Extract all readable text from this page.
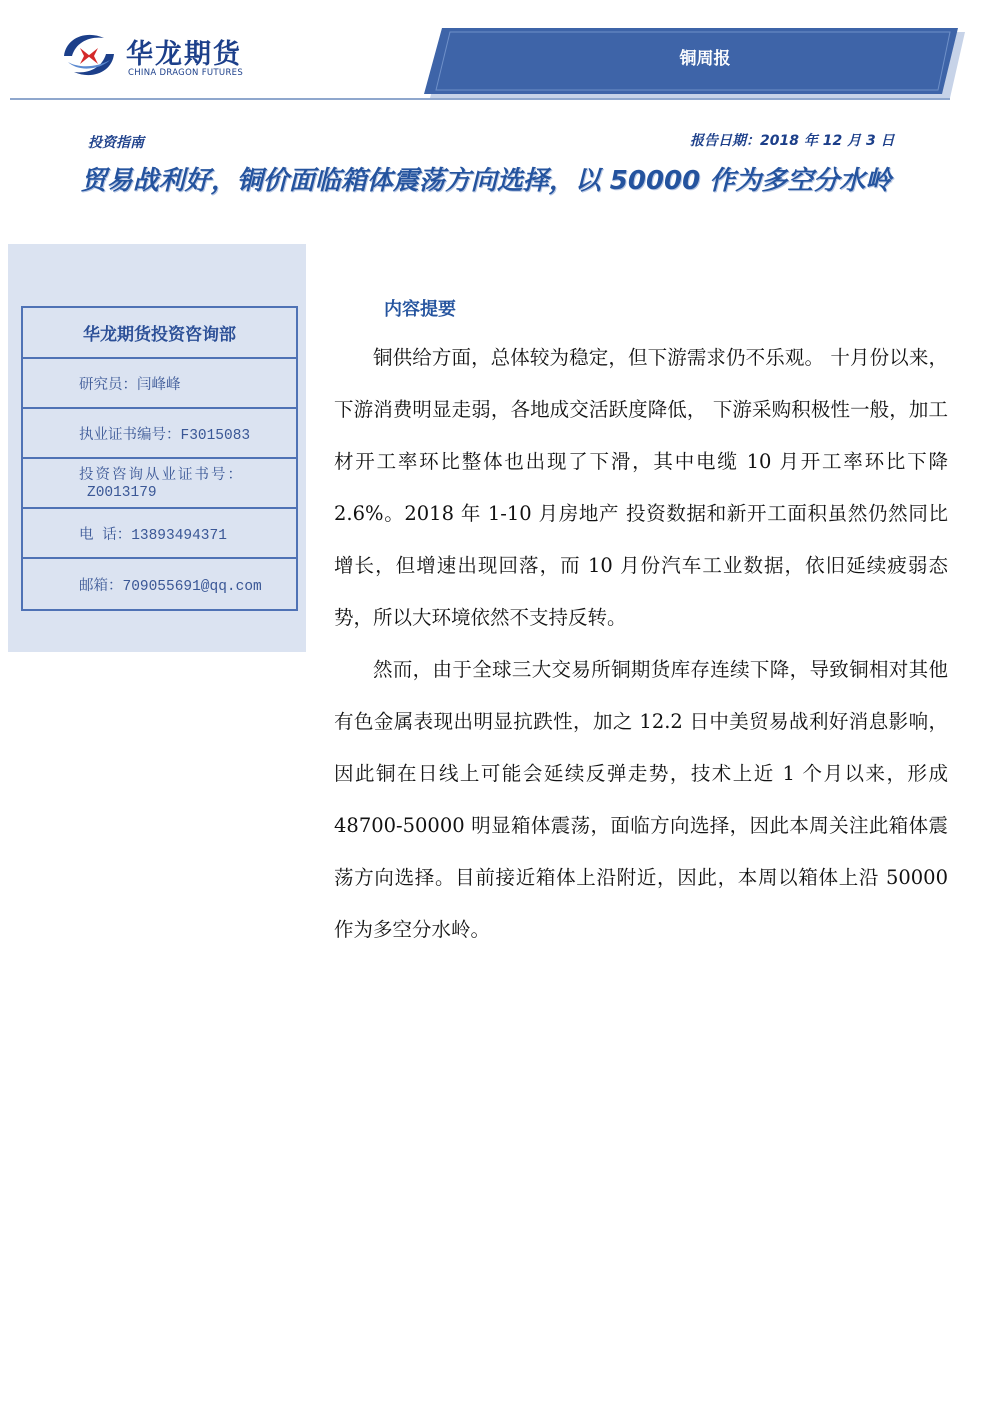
华龙期货
CHINA DRAGON FUTURES
铜周报
投资指南	报告日期：2018 年 12 月 3 日
贸易战利好，铜价面临箱体震荡方向选择，以 50000 作为多空分水岭
华龙期货投资咨询部
研究员：闫峰峰
执业证书编号：F3015083
投资咨询从业证书号：
Z0013179
电 话：13893494371
邮箱：709055691@qq.com
内容提要

铜供给方面，总体较为稳定，但下游需求仍不乐观。 十月份以来，下游消费明显走弱，各地成交活跃度降低， 下游采购积极性一般，加工材开工率环比整体也出现了下滑，其中电缆 10 月开工率环比下降 2.6%。2018 年 1-10 月房地产 投资数据和新开工面积虽然仍然同比增长，但增速出现回落，而 10 月份汽车工业数据，依旧延续疲弱态势，所以大环境依然不支持反转。

然而，由于全球三大交易所铜期货库存连续下降，导致铜相对其他有色金属表现出明显抗跌性，加之 12.2 日中美贸易战利好消息影响，因此铜在日线上可能会延续反弹走势，技术上近 1 个月以来，形成 48700-50000 明显箱体震荡，面临方向选择，因此本周关注此箱体震荡方向选择。目前接近箱体上沿附近，因此，本周以箱体上沿 50000 作为多空分水岭。
